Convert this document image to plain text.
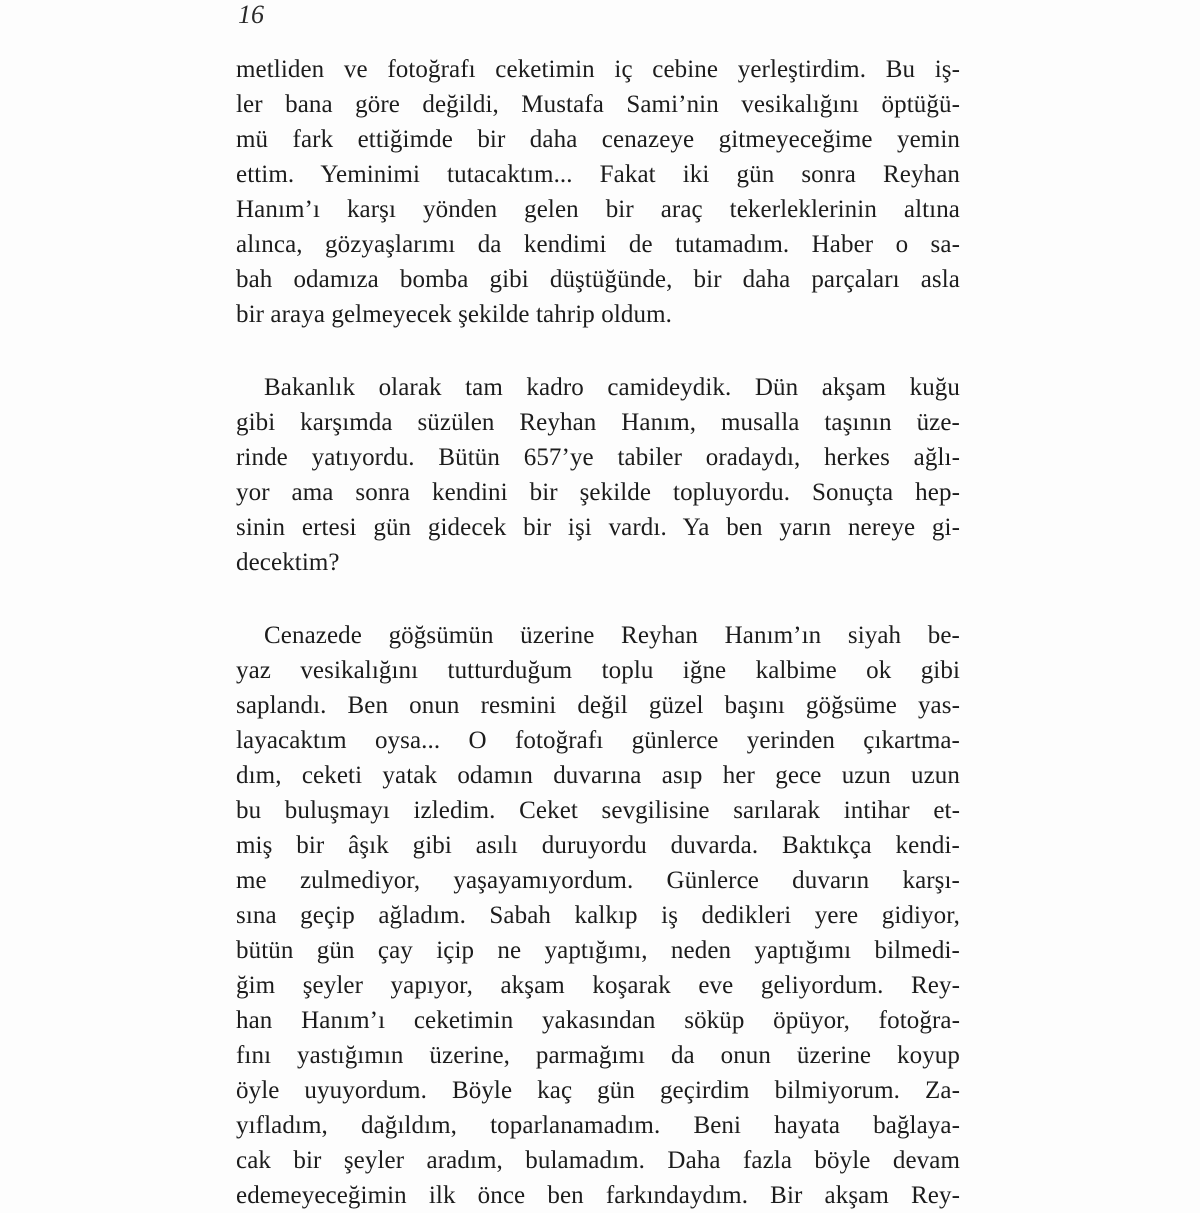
16

metliden ve fotoğrafı ceketimin iç cebine yerleştirdim. Bu iş-
ler bana göre değildi, Mustafa Sami’nin vesikalığını öptüğü-
mü fark ettiğimde bir daha cenazeye gitmeyeceğime yemin
ettim. Yeminimi tutacaktım... Fakat iki gün sonra Reyhan
Hanım’ı karşı yönden gelen bir araç tekerleklerinin altına
alınca, gözyaşlarımı da kendimi de tutamadım. Haber o sa-
bah odamıza bomba gibi düştüğünde, bir daha parçaları asla
bir araya gelmeyecek şekilde tahrip oldum.

Bakanlık olarak tam kadro camideydik. Dün akşam kuğu
gibi karşımda süzülen Reyhan Hanım, musalla taşının üze-
rinde yatıyordu. Bütün 657’ye tabiler oradaydı, herkes ağlı-
yor ama sonra kendini bir şekilde topluyordu. Sonuçta hep-
sinin ertesi gün gidecek bir işi vardı. Ya ben yarın nereye gi-
decektim?

Cenazede göğsümün üzerine Reyhan Hanım’ın siyah be-
yaz vesikalığını tutturduğum toplu iğne kalbime ok gibi
saplandı. Ben onun resmini değil güzel başını göğsüme yas-
layacaktım oysa... O fotoğrafı günlerce yerinden çıkartma-
dım, ceketi yatak odamın duvarına asıp her gece uzun uzun
bu buluşmayı izledim. Ceket sevgilisine sarılarak intihar et-
miş bir âşık gibi asılı duruyordu duvarda. Baktıkça kendi-
me zulmediyor, yaşayamıyordum. Günlerce duvarın karşı-
sına geçip ağladım. Sabah kalkıp iş dedikleri yere gidiyor,
bütün gün çay içip ne yaptığımı, neden yaptığımı bilmedi-
ğim şeyler yapıyor, akşam koşarak eve geliyordum. Rey-
han Hanım’ı ceketimin yakasından söküp öpüyor, fotoğra-
fını yastığımın üzerine, parmağımı da onun üzerine koyup
öyle uyuyordum. Böyle kaç gün geçirdim bilmiyorum. Za-
yıfladım, dağıldım, toparlanamadım. Beni hayata bağlaya-
cak bir şeyler aradım, bulamadım. Daha fazla böyle devam
edemeyeceğimin ilk önce ben farkındaydım. Bir akşam Rey-
